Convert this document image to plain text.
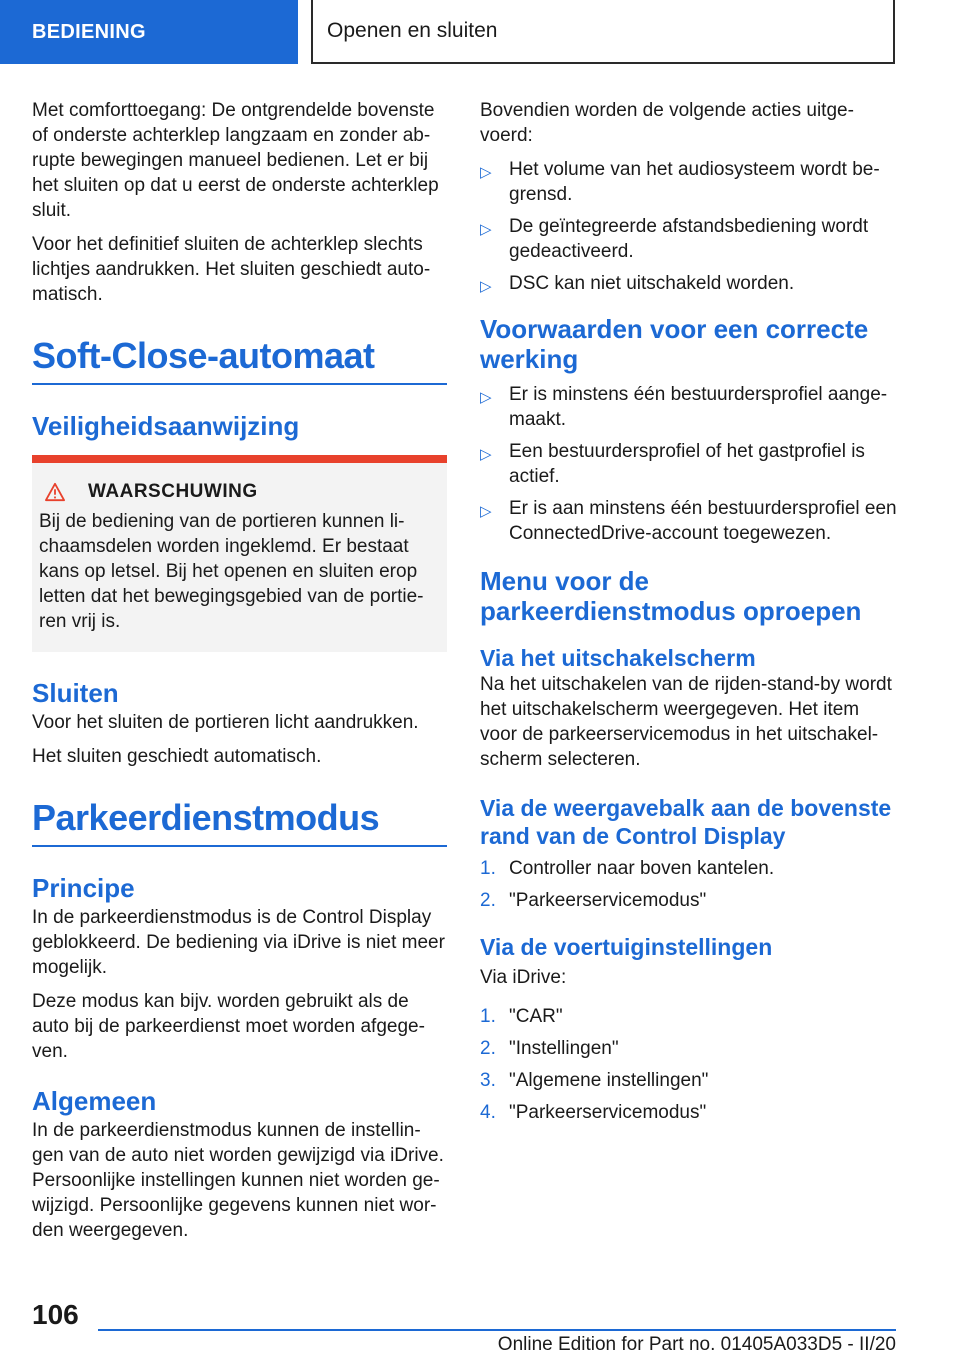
BEDIENING	Openen en sluiten

Met comforttoegang: De ontgrendelde bovenste of onderste achterklep langzaam en zonder ab-rupte bewegingen manueel bedienen. Let er bij het sluiten op dat u eerst de onderste achterklep sluit.

Voor het definitief sluiten de achterklep slechts lichtjes aandrukken. Het sluiten geschiedt auto-matisch.

Soft-Close-automaat
Veiligheidsaanwijzing
WAARSCHUWING

Bij de bediening van de portieren kunnen li-chaamsdelen worden ingeklemd. Er bestaat kans op letsel. Bij het openen en sluiten erop letten dat het bewegingsgebied van de portie-ren vrij is.

Sluiten

Voor het sluiten de portieren licht aandrukken.

Het sluiten geschiedt automatisch.

Parkeerdienstmodus
Principe

In de parkeerdienstmodus is de Control Display geblokkeerd. De bediening via iDrive is niet meer mogelijk.

Deze modus kan bijv. worden gebruikt als de auto bij de parkeerdienst moet worden afgege-ven.

Algemeen

In de parkeerdienstmodus kunnen de instellin-gen van de auto niet worden gewijzigd via iDrive. Persoonlijke instellingen kunnen niet worden ge-wijzigd. Persoonlijke gegevens kunnen niet wor-den weergegeven.

Bovendien worden de volgende acties uitge-voerd:

▷ Het volume van het audiosysteem wordt be-grensd.
▷ De geïntegreerde afstandsbediening wordt gedeactiveerd.
▷ DSC kan niet uitschakeld worden.
Voorwaarden voor een correcte werking
▷ Er is minstens één bestuurdersprofiel aange-maakt.
▷ Een bestuurdersprofiel of het gastprofiel is actief.
▷ Er is aan minstens één bestuurdersprofiel een ConnectedDrive-account toegewezen.
Menu voor de parkeerdienstmodus oproepen
Via het uitschakelscherm

Na het uitschakelen van de rijden-stand-by wordt het uitschakelscherm weergegeven. Het item voor de parkeerservicemodus in het uitschakel-scherm selecteren.

Via de weergavebalk aan de bovenste rand van de Control Display
1. Controller naar boven kantelen.
2. "Parkeerservicemodus"
Via de voertuiginstellingen

Via iDrive:

1. "CAR"
2. "Instellingen"
3. "Algemene instellingen"
4. "Parkeerservicemodus"
106
Online Edition for Part no. 01405A033D5 - II/20
